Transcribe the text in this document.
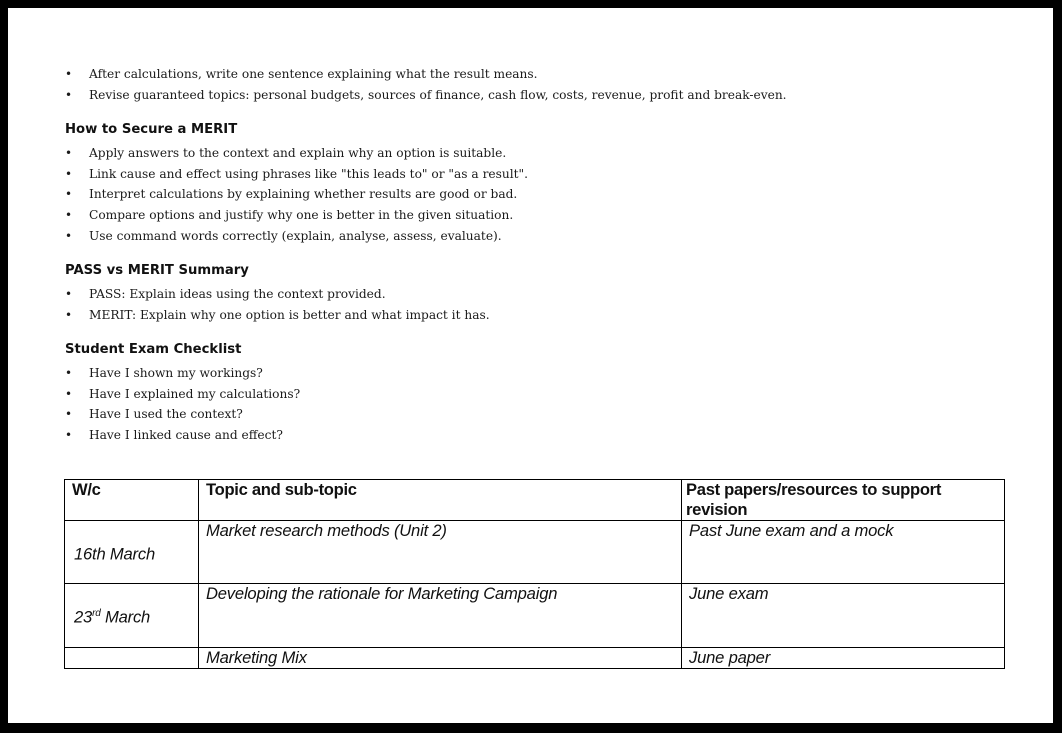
• After calculations, write one sentence explaining what the result means.
• Revise guaranteed topics: personal budgets, sources of finance, cash flow, costs, revenue, profit and break-even.
How to Secure a MERIT
• Apply answers to the context and explain why an option is suitable.
• Link cause and effect using phrases like "this leads to" or "as a result".
• Interpret calculations by explaining whether results are good or bad.
• Compare options and justify why one is better in the given situation.
• Use command words correctly (explain, analyse, assess, evaluate).
PASS vs MERIT Summary
• PASS: Explain ideas using the context provided.
• MERIT: Explain why one option is better and what impact it has.
Student Exam Checklist
• Have I shown my workings?
• Have I explained my calculations?
• Have I used the context?
• Have I linked cause and effect?
W/c	Topic and sub-topic	Past papers/resources to support revision
16th March	Market research methods (Unit 2)	Past June exam and a mock
23rd March	Developing the rationale for Marketing Campaign	June exam
	Marketing Mix	June paper
